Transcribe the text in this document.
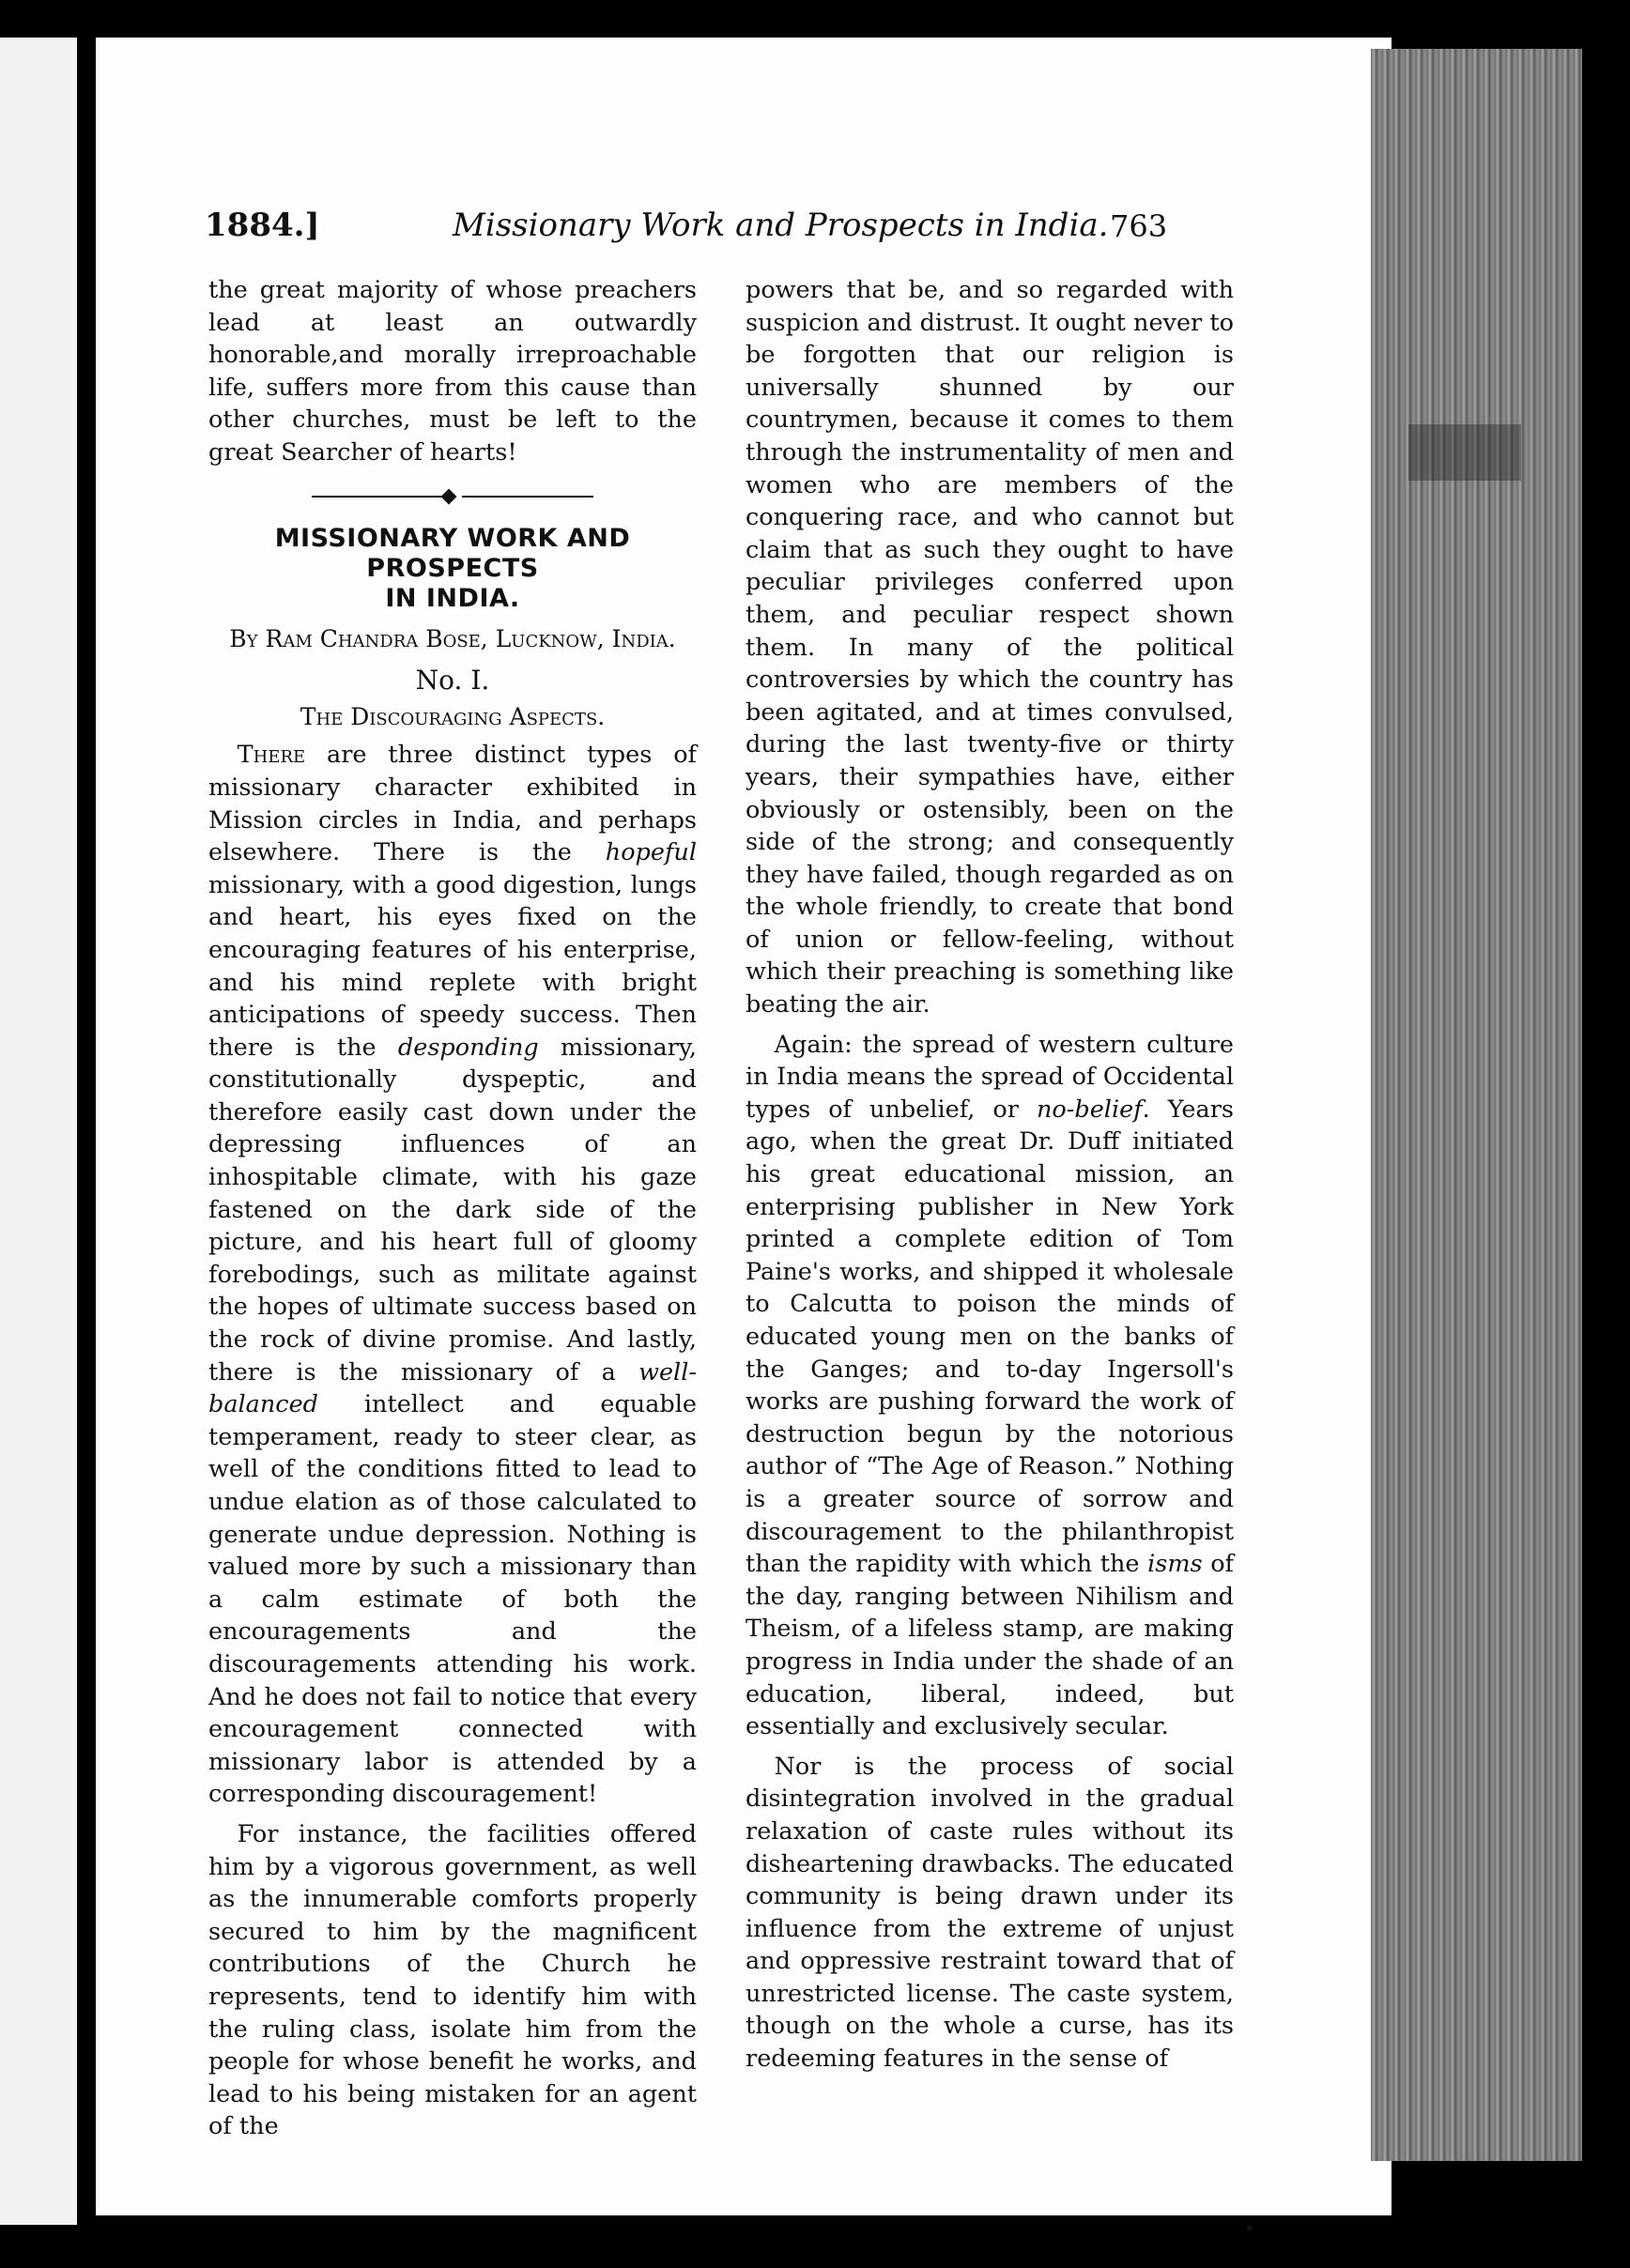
1884.]	Missionary Work and Prospects in India. 763

the great majority of whose preachers lead at least an outwardly honorable,and morally irreproachable life, suffers more from this cause than other churches, must be left to the great Searcher of hearts!

MISSIONARY WORK AND PROSPECTS
IN INDIA.
By Ram Chandra Bose, Lucknow, India.
No. I.
The Discouraging Aspects.

There are three distinct types of missionary character exhibited in Mission circles in India, and perhaps elsewhere. There is the hopeful missionary, with a good digestion, lungs and heart, his eyes fixed on the encouraging features of his enterprise, and his mind replete with bright anticipations of speedy success. Then there is the desponding missionary, constitutionally dyspeptic, and therefore easily cast down under the depressing influences of an inhospitable climate, with his gaze fastened on the dark side of the picture, and his heart full of gloomy forebodings, such as militate against the hopes of ultimate success based on the rock of divine promise. And lastly, there is the missionary of a well-balanced intellect and equable temperament, ready to steer clear, as well of the conditions fitted to lead to undue elation as of those calculated to generate undue depression. Nothing is valued more by such a missionary than a calm estimate of both the encouragements and the discouragements attending his work. And he does not fail to notice that every encouragement connected with missionary labor is attended by a corresponding discouragement!

For instance, the facilities offered him by a vigorous government, as well as the innumerable comforts properly secured to him by the magnificent contributions of the Church he represents, tend to identify him with the ruling class, isolate him from the people for whose benefit he works, and lead to his being mistaken for an agent of the

powers that be, and so regarded with suspicion and distrust. It ought never to be forgotten that our religion is universally shunned by our countrymen, because it comes to them through the instrumentality of men and women who are members of the conquering race, and who cannot but claim that as such they ought to have peculiar privileges conferred upon them, and peculiar respect shown them. In many of the political controversies by which the country has been agitated, and at times convulsed, during the last twenty-five or thirty years, their sympathies have, either obviously or ostensibly, been on the side of the strong; and consequently they have failed, though regarded as on the whole friendly, to create that bond of union or fellow-feeling, without which their preaching is something like beating the air.

Again: the spread of western culture in India means the spread of Occidental types of unbelief, or no-belief. Years ago, when the great Dr. Duff initiated his great educational mission, an enterprising publisher in New York printed a complete edition of Tom Paine's works, and shipped it wholesale to Calcutta to poison the minds of educated young men on the banks of the Ganges; and to-day Ingersoll's works are pushing forward the work of destruction begun by the notorious author of “The Age of Reason.” Nothing is a greater source of sorrow and discouragement to the philanthropist than the rapidity with which the isms of the day, ranging between Nihilism and Theism, of a lifeless stamp, are making progress in India under the shade of an education, liberal, indeed, but essentially and exclusively secular.

Nor is the process of social disintegration involved in the gradual relaxation of caste rules without its disheartening drawbacks. The educated community is being drawn under its influence from the extreme of unjust and oppressive restraint toward that of unrestricted license. The caste system, though on the whole a curse, has its redeeming features in the sense of
